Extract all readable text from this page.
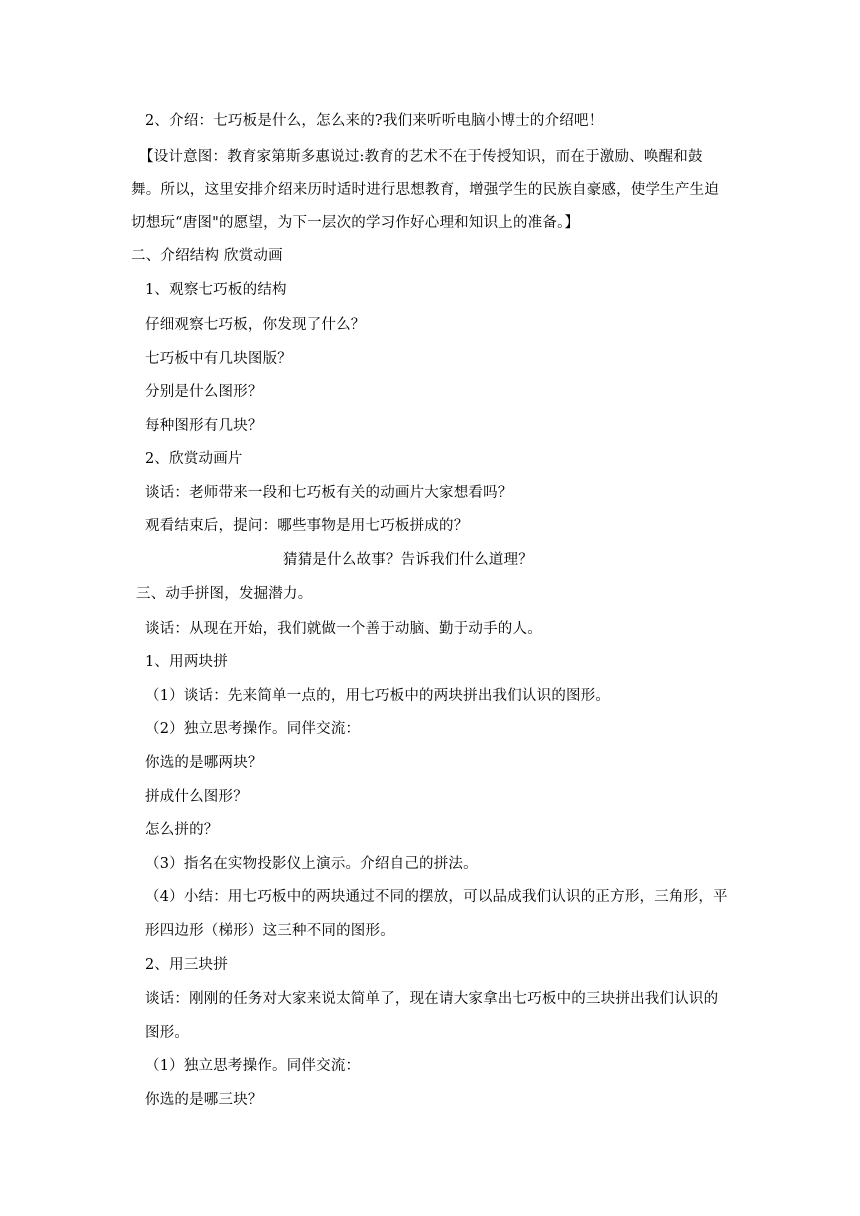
2、介绍：七巧板是什么，怎么来的?我们来听听电脑小博士的介绍吧！
【设计意图：教育家第斯多惠说过:教育的艺术不在于传授知识，而在于激励、唤醒和鼓
舞。所以，这里安排介绍来历时适时进行思想教育，增强学生的民族自豪感，使学生产生迫
切想玩“唐图"的愿望，为下一层次的学习作好心理和知识上的准备。】
二、介绍结构 欣赏动画
1、观察七巧板的结构
仔细观察七巧板，你发现了什么？
七巧板中有几块图版？
分别是什么图形？
每种图形有几块？
2、欣赏动画片
谈话：老师带来一段和七巧板有关的动画片大家想看吗？
观看结束后，提问：哪些事物是用七巧板拼成的？
猜猜是什么故事？告诉我们什么道理？
三、动手拼图，发掘潜力。
谈话：从现在开始，我们就做一个善于动脑、勤于动手的人。
1、用两块拼
（1）谈话：先来简单一点的，用七巧板中的两块拼出我们认识的图形。
（2）独立思考操作。同伴交流：
你选的是哪两块？
拼成什么图形？
怎么拼的？
（3）指名在实物投影仪上演示。介绍自己的拼法。
（4）小结：用七巧板中的两块通过不同的摆放，可以品成我们认识的正方形，三角形，平
形四边形（梯形）这三种不同的图形。
2、用三块拼
谈话：刚刚的任务对大家来说太简单了，现在请大家拿出七巧板中的三块拼出我们认识的
图形。
（1）独立思考操作。同伴交流：
你选的是哪三块？
